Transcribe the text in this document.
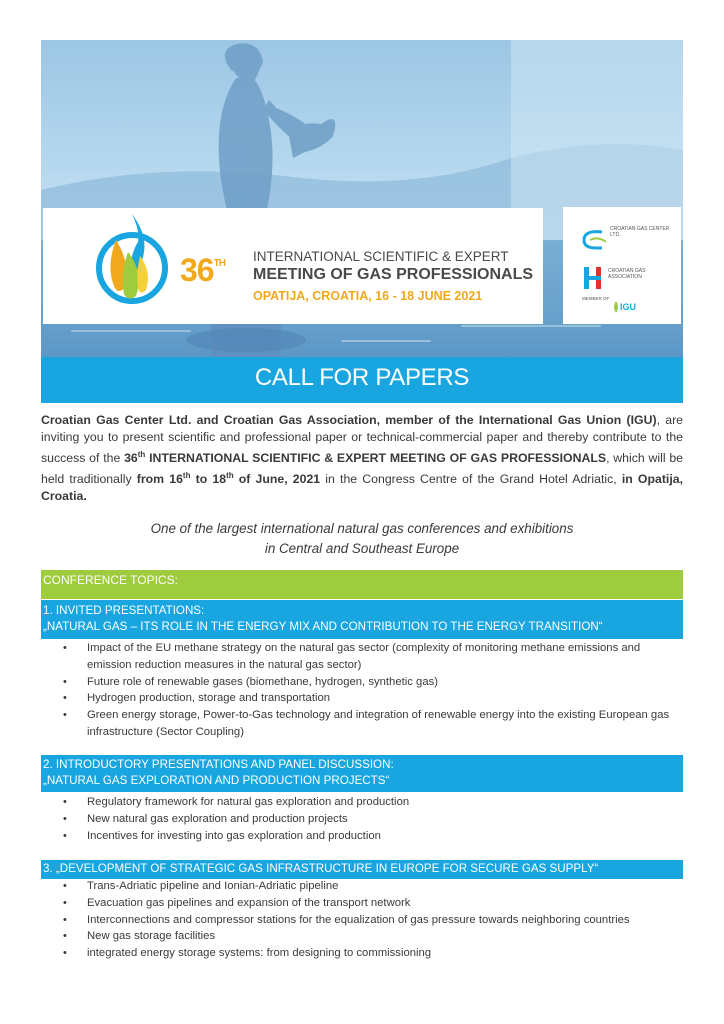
36TH INTERNATIONAL SCIENTIFIC & EXPERT
MEETING OF GAS PROFESSIONALS
OPATIJA, CROATIA, 16 - 18 JUNE 2021
CROATIAN GAS CENTER LTD.
CROATIAN GAS ASSOCIATION
MEMBER OF
IGU
CALL FOR PAPERS
Croatian Gas Center Ltd. and Croatian Gas Association, member of the International Gas Union (IGU), are inviting you to present scientific and professional paper or technical-commercial paper and thereby contribute to the success of the 36th INTERNATIONAL SCIENTIFIC & EXPERT MEETING OF GAS PROFESSIONALS, which will be held traditionally from 16th to 18th of June, 2021 in the Congress Centre of the Grand Hotel Adriatic, in Opatija, Croatia.
One of the largest international natural gas conferences and exhibitions
in Central and Southeast Europe
CONFERENCE TOPICS:
1. INVITED PRESENTATIONS:
„NATURAL GAS – ITS ROLE IN THE ENERGY MIX AND CONTRIBUTION TO THE ENERGY TRANSITION“
• Impact of the EU methane strategy on the natural gas sector (complexity of monitoring methane emissions and emission reduction measures in the natural gas sector)
• Future role of renewable gases (biomethane, hydrogen, synthetic gas)
• Hydrogen production, storage and transportation
• Green energy storage, Power-to-Gas technology and integration of renewable energy into the existing European gas infrastructure (Sector Coupling)
2. INTRODUCTORY PRESENTATIONS AND PANEL DISCUSSION:
„NATURAL GAS EXPLORATION AND PRODUCTION PROJECTS“
• Regulatory framework for natural gas exploration and production
• New natural gas exploration and production projects
• Incentives for investing into gas exploration and production
3. „DEVELOPMENT OF STRATEGIC GAS INFRASTRUCTURE IN EUROPE FOR SECURE GAS SUPPLY“
• Trans-Adriatic pipeline and Ionian-Adriatic pipeline
• Evacuation gas pipelines and expansion of the transport network
• Interconnections and compressor stations for the equalization of gas pressure towards neighboring countries
• New gas storage facilities
• integrated energy storage systems: from designing to commissioning
